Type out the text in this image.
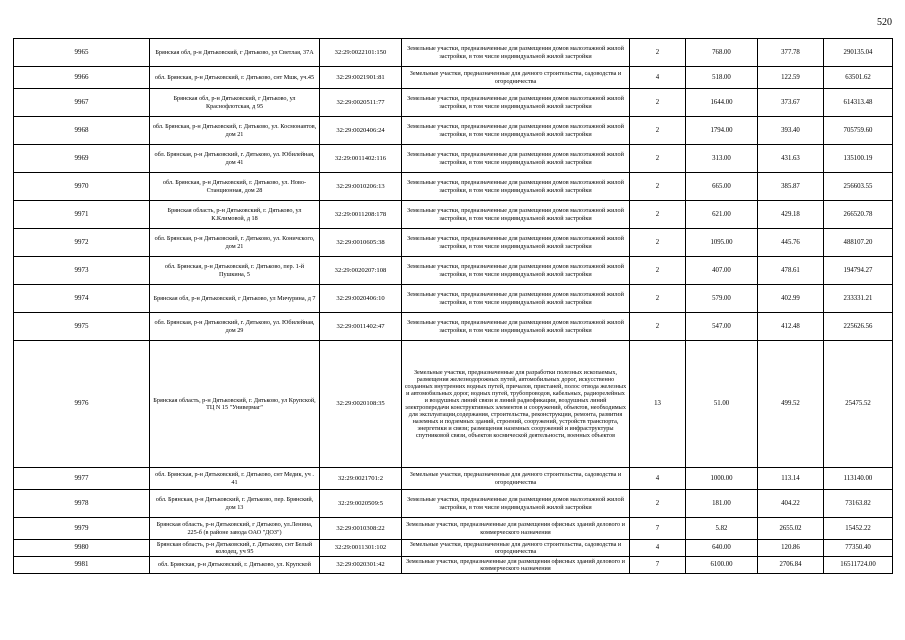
520
9965	Брянская обл, р-н Дятьковский, г Дятьково, ул Светлая, 37А	32:29:0022101:150	Земельные участки, предназначенные для размещения домов малоэтажной жилой застройки, в том числе индивидуальной жилой застройки	2	768.00	377.78	290135.04
9966	обл. Брянская, р-н Дятьковский, г. Дятьково, снт Мшк, уч.45	32:29:0021901:81	Земельные участки, предназначенные для дачного строительства, садоводства и огородничества	4	518.00	122.59	63501.62
9967	Брянская обл, р-н Дятьковский, г Дятьково, ул Краснофлотская, д 95	32:29:0020511:77	Земельные участки, предназначенные для размещения домов малоэтажной жилой застройки, в том числе индивидуальной жилой застройки	2	1644.00	373.67	614313.48
9968	обл. Брянская, р-н Дятьковский, г. Дятьково, ул. Космонавтов, дом 21	32:29:0020406:24	Земельные участки, предназначенные для размещения домов малоэтажной жилой застройки, в том числе индивидуальной жилой застройки	2	1794.00	393.40	705759.60
9969	обл. Брянская, р-н Дятьковский, г. Дятьково, ул. Юбилейная, дом 41	32:29:0011402:116	Земельные участки, предназначенные для размещения домов малоэтажной жилой застройки, в том числе индивидуальной жилой застройки	2	313.00	431.63	135100.19
9970	обл. Брянская, р-н Дятьковский, г. Дятьково, ул. Ново-Станционная, дом 28	32:29:0010206:13	Земельные участки, предназначенные для размещения домов малоэтажной жилой застройки, в том числе индивидуальной жилой застройки	2	665.00	385.87	256603.55
9971	Брянская область, р-н Дятьковский, г. Дятьково, ул К.Климовой, д 18	32:29:0011208:178	Земельные участки, предназначенные для размещения домов малоэтажной жилой застройки, в том числе индивидуальной жилой застройки	2	621.00	429.18	266520.78
9972	обл. Брянская, р-н Дятьковский, г. Дятьково, ул. Коничского, дом 21	32:29:0010605:38	Земельные участки, предназначенные для размещения домов малоэтажной жилой застройки, в том числе индивидуальной жилой застройки	2	1095.00	445.76	488107.20
9973	обл. Брянская, р-н Дятьковский, г. Дятьково, пер. 1-й Пушкина, 5	32:29:0020207:108	Земельные участки, предназначенные для размещения домов малоэтажной жилой застройки, в том числе индивидуальной жилой застройки	2	407.00	478.61	194794.27
9974	Брянская обл, р-н Дятьковский, г Дятьково, ул Мичурина, д 7	32:29:0020406:10	Земельные участки, предназначенные для размещения домов малоэтажной жилой застройки, в том числе индивидуальной жилой застройки	2	579.00	402.99	233331.21
9975	обл. Брянская, р-н Дятьковский, г. Дятьково, ул. Юбилейная, дом 29	32:29:0011402:47	Земельные участки, предназначенные для размещения домов малоэтажной жилой застройки, в том числе индивидуальной жилой застройки	2	547.00	412.48	225626.56
9976	Брянская область, р-н Дятьковский, г. Дятьково, ул Крупской, ТЦ N 15 "Универмаг"	32:29:0020108:35	Земельные участки, предназначенные для разработки полезных ископаемых, размещения железнодорожных путей, автомобильных дорог, искусственно созданных внутренних водных путей, причалов, пристаней, полос отвода железных и автомобильных дорог, водных путей, трубопроводов, кабельных, радиорелейных и воздушных линий связи и линий радиофикации, воздушных линий электропередачи конструктивных элементов и сооружений, объектов, необходимых для эксплуатации,содержания, строительства, реконструкции, ремонта, развития наземных и подземных зданий, строений, сооружений, устройств транспорта, энергетики и связи; размещения наземных сооружений и инфраструктуры спутниковой связи, объектов космической деятельности, военных объектов	13	51.00	499.52	25475.52
9977	обл. Брянская, р-н Дятьковский, г. Дятьково, снт Медик, уч . 41	32:29:0021701:2	Земельные участки, предназначенные для дачного строительства, садоводства и огородничества	4	1000.00	113.14	113140.00
9978	обл. Брянская, р-н Дятьковский, г. Дятьково, пер. Брянский, дом 13	32:29:0020509:5	Земельные участки, предназначенные для размещения домов малоэтажной жилой застройки, в том числе индивидуальной жилой застройки	2	181.00	404.22	73163.82
9979	Брянская область, р-н Дятьковский, г Дятьково, ул.Ленина, 225-б (в районе завода ОАО "ДОЗ")	32:29:0010308:22	Земельные участки, предназначенные для размещения офисных зданий делового и коммерческого назначения	7	5.82	2655.02	15452.22
9980	Брянская область, р-н Дятьковский, г. Дятьково, снт Белый колодец, уч 95	32:29:0011301:102	Земельные участки, предназначенные для дачного строительства, садоводства и огородничества	4	640.00	120.86	77350.40
9981	обл. Брянская, р-н Дятьковский, г. Дятьково, ул. Крупской	32:29:0020301:42	Земельные участки, предназначенные для размещения офисных зданий делового и коммерческого назначения	7	6100.00	2706.84	16511724.00
